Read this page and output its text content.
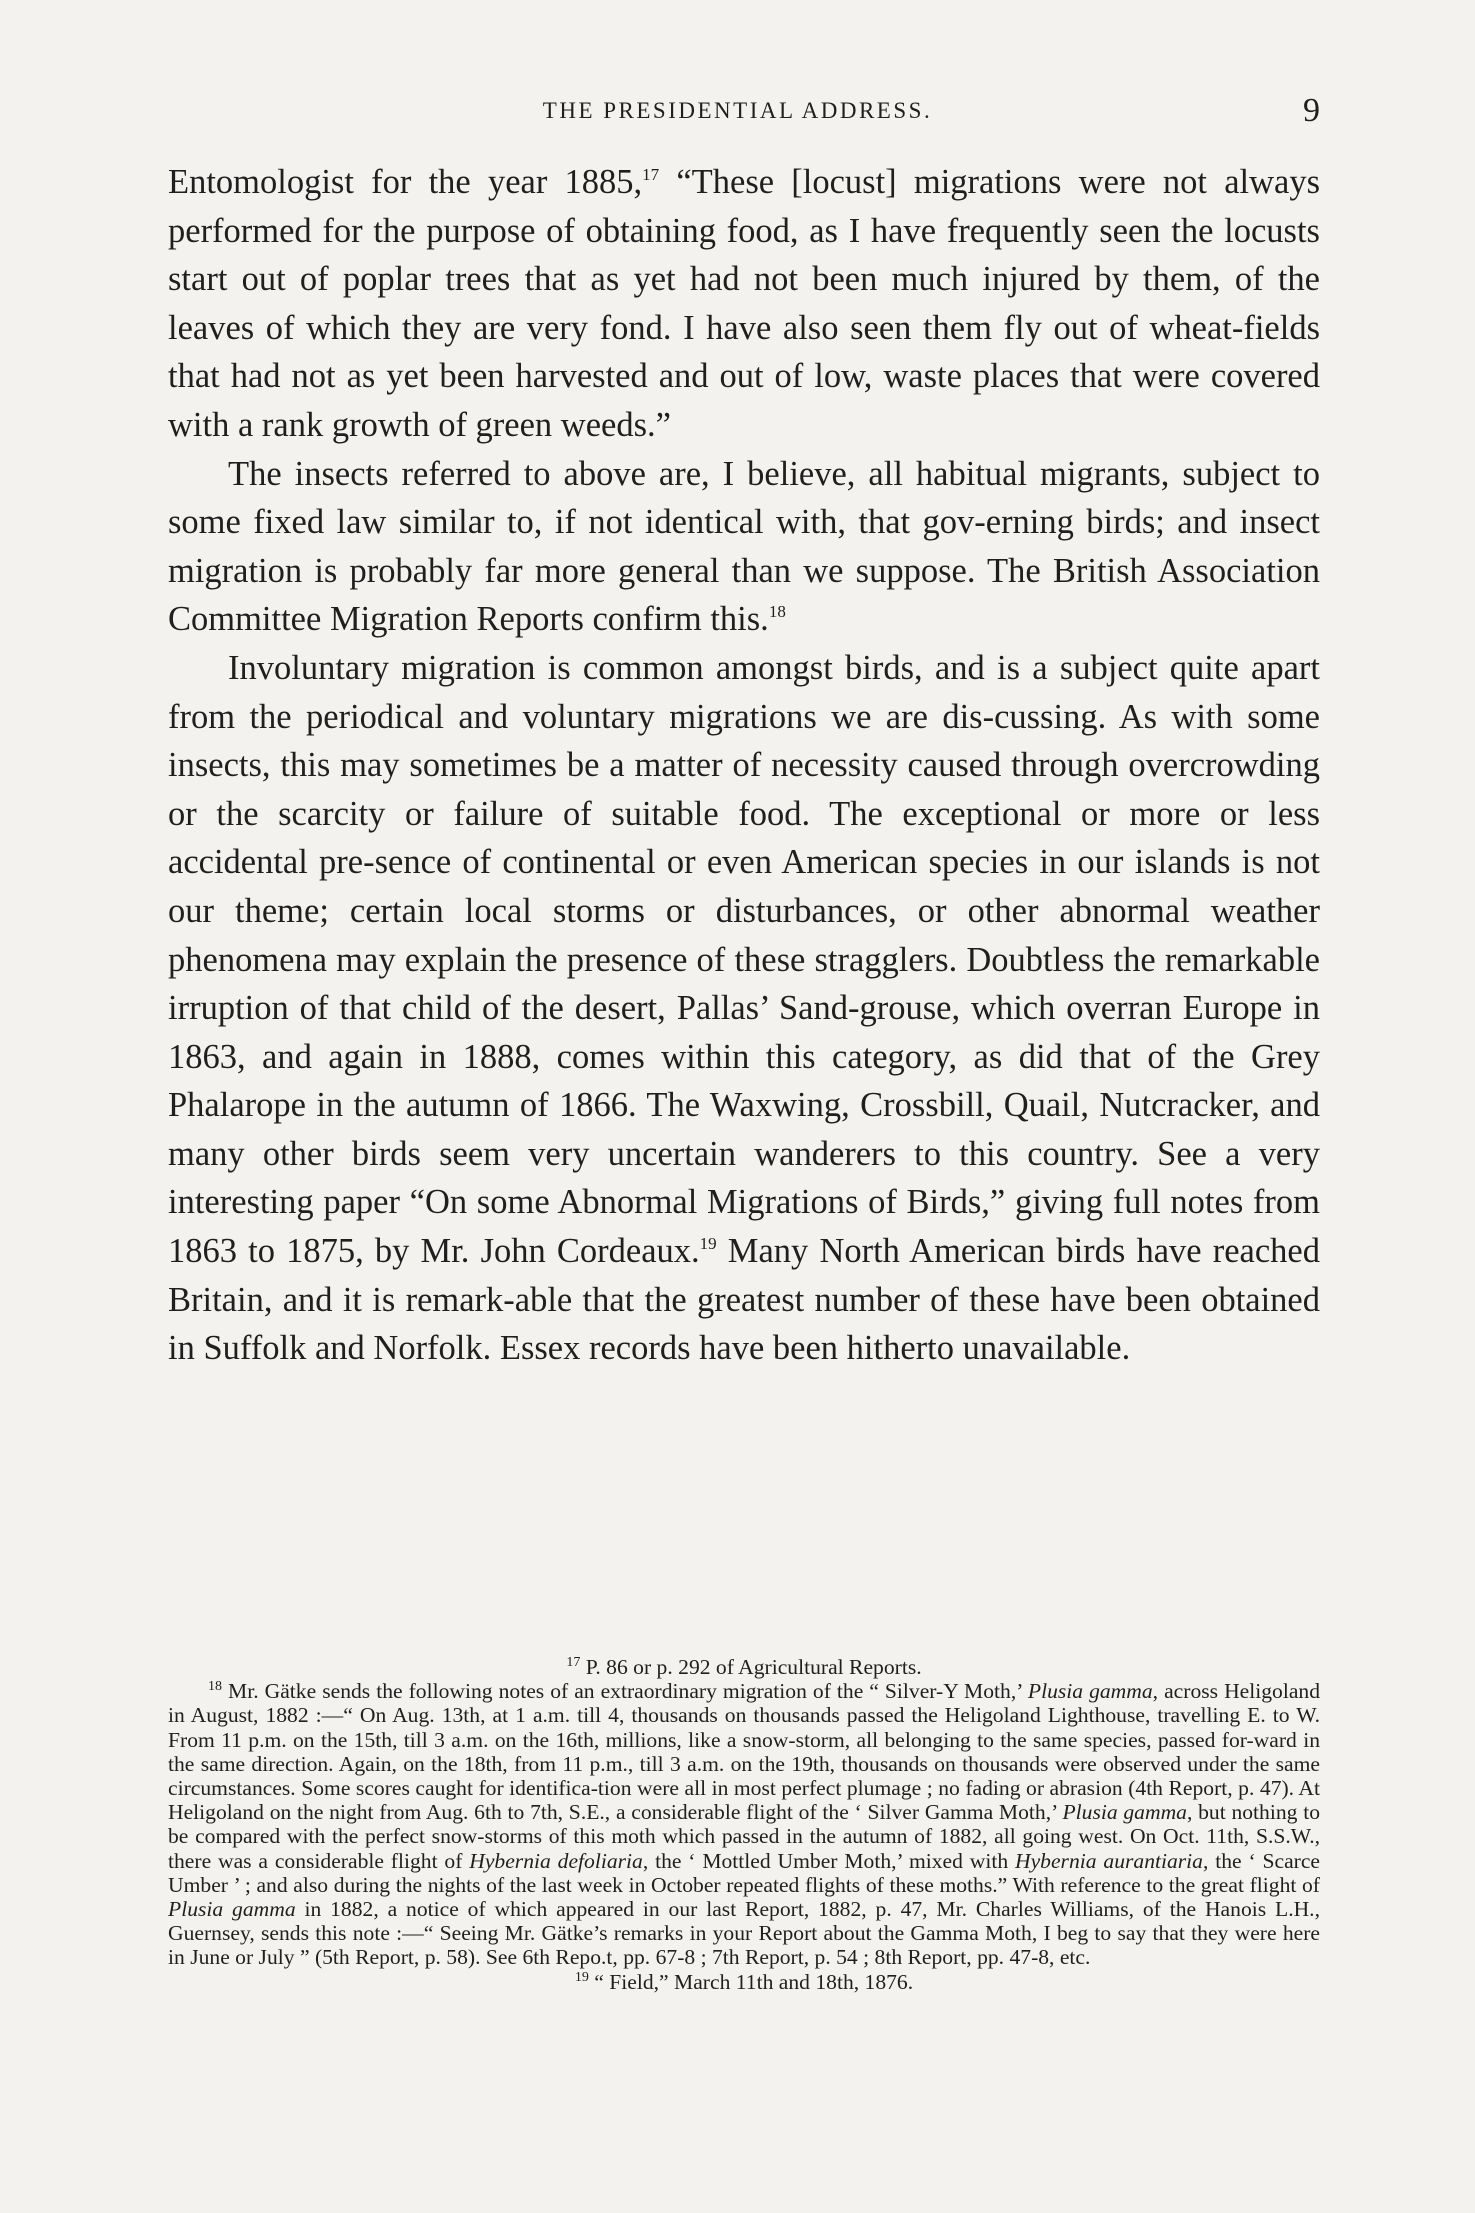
THE PRESIDENTIAL ADDRESS.	9

Entomologist for the year 1885,17 “These [locust] migrations were not always performed for the purpose of obtaining food, as I have frequently seen the locusts start out of poplar trees that as yet had not been much injured by them, of the leaves of which they are very fond. I have also seen them fly out of wheat-fields that had not as yet been harvested and out of low, waste places that were covered with a rank growth of green weeds.”

The insects referred to above are, I believe, all habitual migrants, subject to some fixed law similar to, if not identical with, that gov-erning birds; and insect migration is probably far more general than we suppose. The British Association Committee Migration Reports confirm this.$^{18}$

Involuntary migration is common amongst birds, and is a subject quite apart from the periodical and voluntary migrations we are dis-cussing. As with some insects, this may sometimes be a matter of necessity caused through overcrowding or the scarcity or failure of suitable food. The exceptional or more or less accidental pre-sence of continental or even American species in our islands is not our theme; certain local storms or disturbances, or other abnormal weather phenomena may explain the presence of these stragglers. Doubtless the remarkable irruption of that child of the desert, Pallas’ Sand-grouse, which overran Europe in 1863, and again in 1888, comes within this category, as did that of the Grey Phalarope in the autumn of 1866. The Waxwing, Crossbill, Quail, Nutcracker, and many other birds seem very uncertain wanderers to this country. See a very interesting paper “On some Abnormal Migrations of Birds,” giving full notes from 1863 to 1875, by Mr. John Cordeaux.$^{19}$ Many North American birds have reached Britain, and it is remark-able that the greatest number of these have been obtained in Suffolk and Norfolk. Essex records have been hitherto unavailable.

$^{17}$ P. 86 or p. 292 of Agricultural Reports.

$^{18}$ Mr. Gätke sends the following notes of an extraordinary migration of the “ Silver-Y Moth,’ Plusia gamma, across Heligoland in August, 1882 :—“ On Aug. 13th, at 1 a.m. till 4, thousands on thousands passed the Heligoland Lighthouse, travelling E. to W. From 11 p.m. on the 15th, till 3 a.m. on the 16th, millions, like a snow-storm, all belonging to the same species, passed for-ward in the same direction. Again, on the 18th, from 11 p.m., till 3 a.m. on the 19th, thousands on thousands were observed under the same circumstances. Some scores caught for identifica-tion were all in most perfect plumage ; no fading or abrasion (4th Report, p. 47). At Heligoland on the night from Aug. 6th to 7th, S.E., a considerable flight of the ‘ Silver Gamma Moth,’ Plusia gamma, but nothing to be compared with the perfect snow-storms of this moth which passed in the autumn of 1882, all going west. On Oct. 11th, S.S.W., there was a considerable flight of Hybernia defoliaria, the ‘ Mottled Umber Moth,’ mixed with Hybernia aurantiaria, the ‘ Scarce Umber ’ ; and also during the nights of the last week in October repeated flights of these moths.” With reference to the great flight of Plusia gamma in 1882, a notice of which appeared in our last Report, 1882, p. 47, Mr. Charles Williams, of the Hanois L.H., Guernsey, sends this note :—“ Seeing Mr. Gätke’s remarks in your Report about the Gamma Moth, I beg to say that they were here in June or July ” (5th Report, p. 58). See 6th Repo.t, pp. 67-8 ; 7th Report, p. 54 ; 8th Report, pp. 47-8, etc.

$^{19}$ “ Field,” March 11th and 18th, 1876.
